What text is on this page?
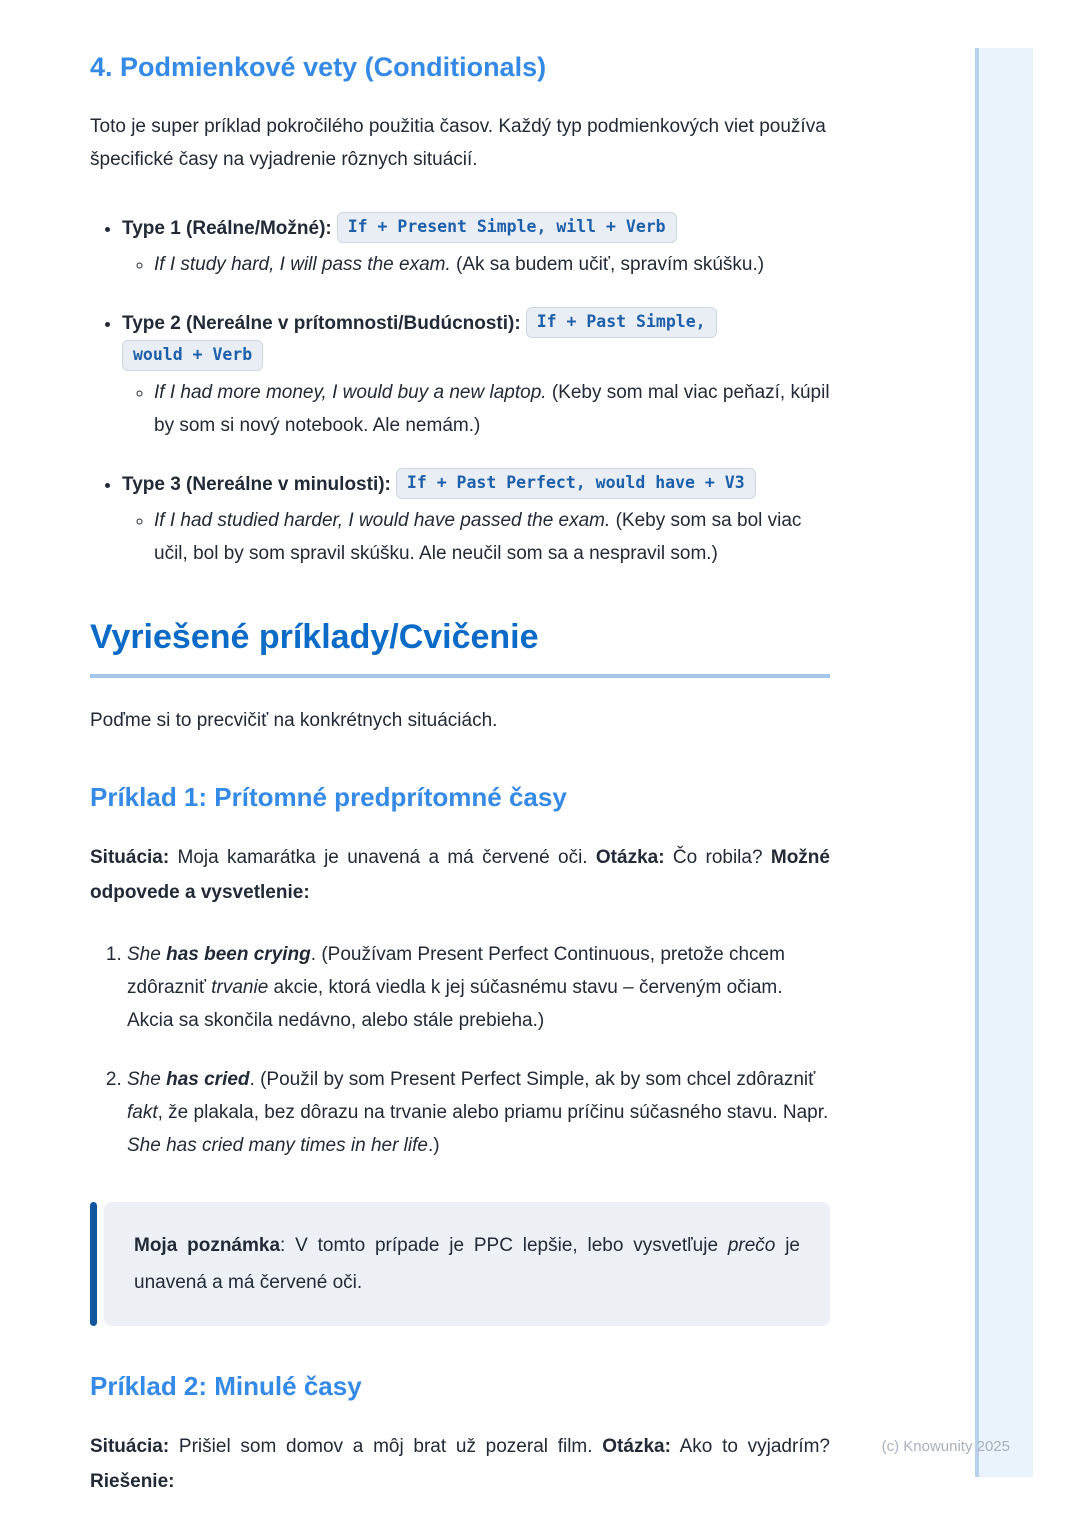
(c) Knowunity 2025
4. Podmienkové vety (Conditionals)

Toto je super príklad pokročilého použitia časov. Každý typ podmienkových viet používa špecifické časy na vyjadrenie rôznych situácií.

• Type 1 (Reálne/Možné): If + Present Simple, will + Verb
◦ If I study hard, I will pass the exam. (Ak sa budem učiť, spravím skúšku.)
• Type 2 (Nereálne v prítomnosti/Budúcnosti): If + Past Simple, would + Verb
◦ If I had more money, I would buy a new laptop. (Keby som mal viac peňazí, kúpil by som si nový notebook. Ale nemám.)
• Type 3 (Nereálne v minulosti): If + Past Perfect, would have + V3
◦ If I had studied harder, I would have passed the exam. (Keby som sa bol viac učil, bol by som spravil skúšku. Ale neučil som sa a nespravil som.)
Vyriešené príklady/Cvičenie

Poďme si to precvičiť na konkrétnych situáciách.

Príklad 1: Prítomné predprítomné časy

Situácia: Moja kamarátka je unavená a má červené oči. Otázka: Čo robila? Možné odpovede a vysvetlenie:

1. She has been crying. (Používam Present Perfect Continuous, pretože chcem zdôrazniť trvanie akcie, ktorá viedla k jej súčasnému stavu – červeným očiam. Akcia sa skončila nedávno, alebo stále prebieha.)
2. She has cried. (Použil by som Present Perfect Simple, ak by som chcel zdôrazniť fakt, že plakala, bez dôrazu na trvanie alebo priamu príčinu súčasného stavu. Napr. She has cried many times in her life.)
Moja poznámka: V tomto prípade je PPC lepšie, lebo vysvetľuje prečo je unavená a má červené oči.
Príklad 2: Minulé časy

Situácia: Prišiel som domov a môj brat už pozeral film. Otázka: Ako to vyjadrím? Riešenie:
